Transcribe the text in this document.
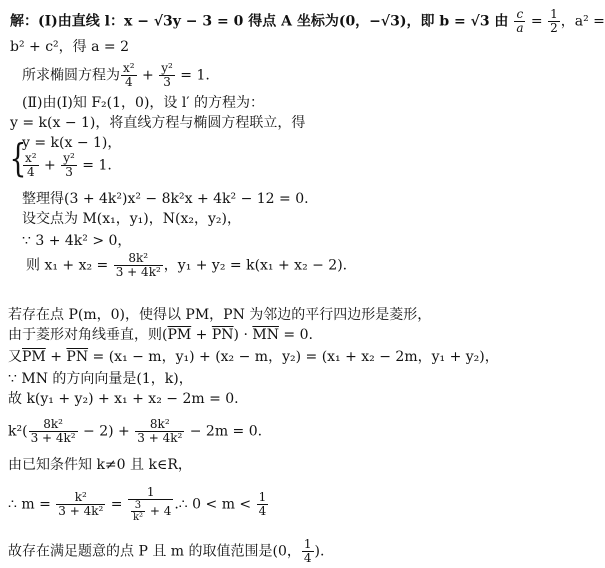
解：(Ⅰ)由直线 l：x − √3y − 3 = 0 得点 A 坐标为(0，−√3)，即 b = √3 由 $\frac{c}{a} = \frac{1}{2}$ ，a² =
b² + c²，得 a = 2
所求椭圆方程为 $\frac{\text{x²}}{4} + \frac{\text{y²}}{3} = 1$.
(Ⅱ)由(Ⅰ)知 F₂(1，0)，设 l′ 的方程为：
y = k(x − 1)，将直线方程与椭圆方程联立，得
{
y = k(x − 1)，
$\frac{\text{x²}}{4} + \frac{\text{y²}}{3} = 1$.
整理得(3 + 4k²)x² − 8k²x + 4k² − 12 = 0.
设交点为 M(x₁，y₁)，N(x₂，y₂)，
∵ 3 + 4k² > 0，
则 $x_1 + x_2 = \frac{\text{8k²}}{\text{3 + 4k²}}$ ，y₁ + y₂ = k(x₁ + x₂ − 2).
若存在点 P(m，0)，使得以 PM，PN 为邻边的平行四边形是菱形，
由于菱形对角线垂直，则$(\overline{PM} + \overline{PN}) \cdot \overline{MN} = 0$.
又$\overline{PM} + \overline{PN} = (x_1 - m$，y₁) + (x₂ − m，y₂) = (x₁ + x₂ − 2m，y₁ + y₂)，
∵ MN 的方向向量是(1，k)，
故 k(y₁ + y₂) + x₁ + x₂ − 2m = 0.
$k^2( \frac{\text{8k²}}{\text{3 + 4k²}} - 2) + \frac{\text{8k²}}{\text{3 + 4k²}} - 2m = 0$.
由已知条件知 k≠0 且 k∈R，
∴ $m = \frac{\text{k²}}{\text{3 + 4k²}} = \frac{1}{\frac{3}{\text{k²}} + 4}$ .∴ $0 < m < \frac{1}{4}$
故存在满足题意的点 P 且 m 的取值范围是(0， $\frac{1}{4}$ ).
